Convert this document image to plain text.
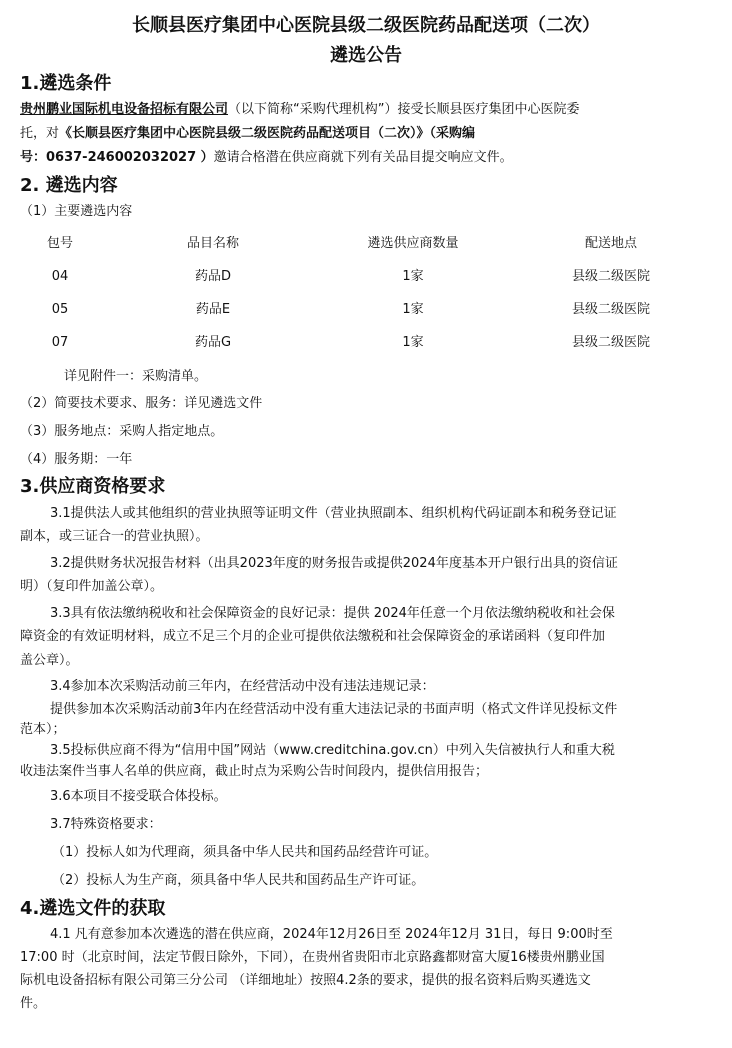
长顺县医疗集团中心医院县级二级医院药品配送项（二次）
遴选公告
1.遴选条件
贵州鹏业国际机电设备招标有限公司（以下简称“采购代理机构”）接受长顺县医疗集团中心医院委
托，对《长顺县医疗集团中心医院县级二级医院药品配送项目（二次）》（采购编
号：0637-246002032027 ）邀请合格潜在供应商就下列有关品目提交响应文件。
2. 遴选内容
（1）主要遴选内容
包号	品目名称	遴选供应商数量	配送地点
04	药品D	1家	县级二级医院
05	药品E	1家	县级二级医院
07	药品G	1家	县级二级医院
详见附件一：采购清单。
（2）简要技术要求、服务：详见遴选文件
（3）服务地点：采购人指定地点。
（4）服务期：一年
3.供应商资格要求
3.1提供法人或其他组织的营业执照等证明文件（营业执照副本、组织机构代码证副本和税务登记证
副本，或三证合一的营业执照）。
3.2提供财务状况报告材料（出具2023年度的财务报告或提供2024年度基本开户银行出具的资信证
明）（复印件加盖公章）。
3.3具有依法缴纳税收和社会保障资金的良好记录：提供 2024年任意一个月依法缴纳税收和社会保
障资金的有效证明材料，成立不足三个月的企业可提供依法缴税和社会保障资金的承诺函料（复印件加
盖公章）。
3.4参加本次采购活动前三年内，在经营活动中没有违法违规记录：
提供参加本次采购活动前3年内在经营活动中没有重大违法记录的书面声明（格式文件详见投标文件
范本）；
3.5投标供应商不得为“信用中国”网站（www.creditchina.gov.cn）中列入失信被执行人和重大税
收违法案件当事人名单的供应商，截止时点为采购公告时间段内，提供信用报告；
3.6本项目不接受联合体投标。
3.7特殊资格要求：
（1）投标人如为代理商，须具备中华人民共和国药品经营许可证。
（2）投标人为生产商，须具备中华人民共和国药品生产许可证。
4.遴选文件的获取
4.1 凡有意参加本次遴选的潜在供应商，2024年12月26日至 2024年12月 31日，每日 9:00时至
17:00 时（北京时间，法定节假日除外，下同），在贵州省贵阳市北京路鑫都财富大厦16楼贵州鹏业国
际机电设备招标有限公司第三分公司 （详细地址）按照4.2条的要求，提供的报名资料后购买遴选文
件。
